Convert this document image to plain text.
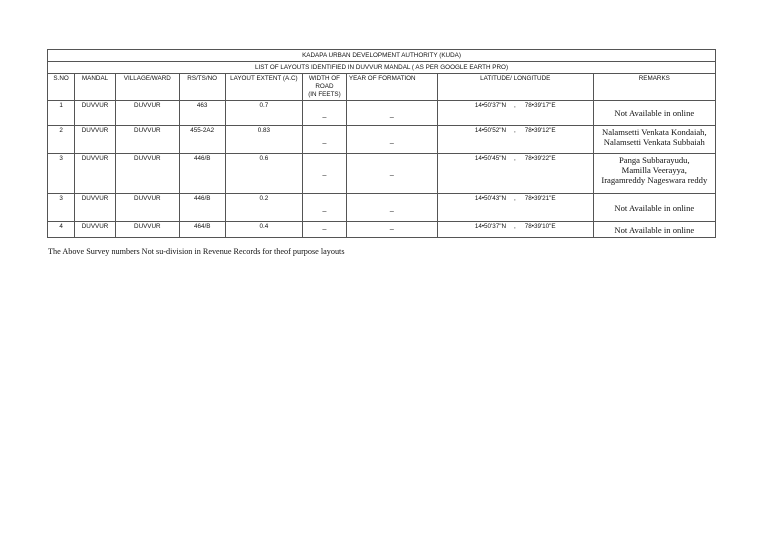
KADAPA URBAN DEVELOPMENT AUTHORITY (KUDA)								
LIST OF LAYOUTS IDENTIFIED IN DUVVUR MANDAL ( AS PER GOOGLE EARTH PRO)								
S.NO	MANDAL	VILLAGE/WARD	RS/TS/NO	LAYOUT EXTENT (A.C)	WIDTH OF ROAD
(IN FEETS)	YEAR OF FORMATION	LATITUDE/ LONGITUDE	REMARKS
1	DUVVUR	DUVVUR	463	0.7	_	_	14•50'37"N , 78•39'17"E	Not Available in online

2	DUVVUR	DUVVUR	455-2A2	0.83	_	_	14•50'52"N , 78•39'12"E	Nalamsetti Venkata Kondaiah,
Nalamsetti Venkata Subbaiah

3	DUVVUR	DUVVUR	446/B	0.6	_	_	14•50'45"N , 78•39'22"E	Panga Subbarayudu,
Mamilla Veerayya,
Iragamreddy Nageswara reddy

3	DUVVUR	DUVVUR	446/B	0.2	_	_	14•50'43"N , 78•39'21"E	Not Available in online

4	DUVVUR	DUVVUR	464/B	0.4	_	_	14•50'37"N , 78•39'10"E	Not Available in online
The Above Survey numbers Not su-division in Revenue Records for theof purpose layouts
